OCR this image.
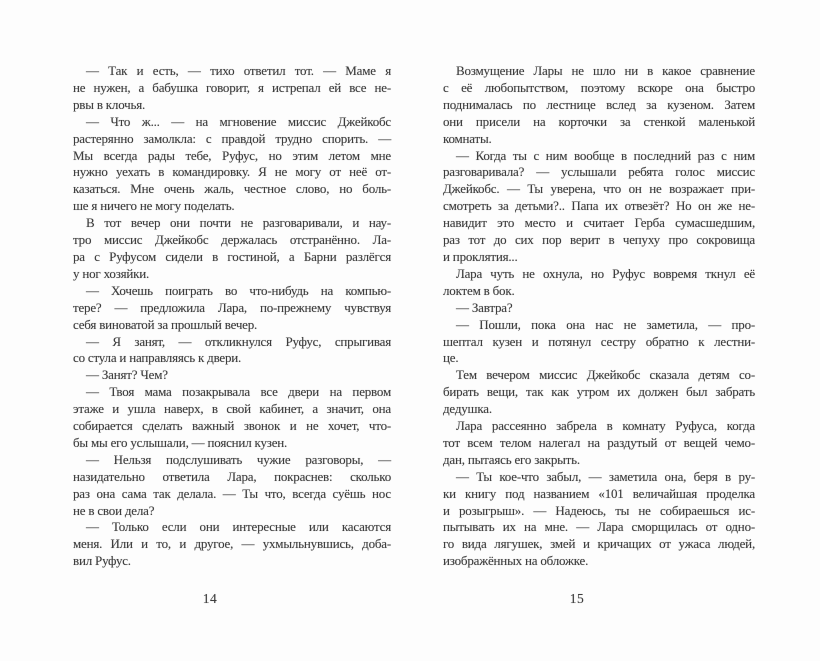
— Так и есть, — тихо ответил тот. — Маме я
не нужен, а бабушка говорит, я истрепал ей все не-
рвы в клочья.
— Что ж... — на мгновение миссис Джейкобс
растерянно замолкла: с правдой трудно спорить. —
Мы всегда рады тебе, Руфус, но этим летом мне
нужно уехать в командировку. Я не могу от неё от-
казаться. Мне очень жаль, честное слово, но боль-
ше я ничего не могу поделать.
В тот вечер они почти не разговаривали, и нау-
тро миссис Джейкобс держалась отстранённо. Ла-
ра с Руфусом сидели в гостиной, а Барни разлёгся
у ног хозяйки.
— Хочешь поиграть во что-нибудь на компью-
тере? — предложила Лара, по-прежнему чувствуя
себя виноватой за прошлый вечер.
— Я занят, — откликнулся Руфус, спрыгивая
со стула и направляясь к двери.
— Занят? Чем?
— Твоя мама позакрывала все двери на первом
этаже и ушла наверх, в свой кабинет, а значит, она
собирается сделать важный звонок и не хочет, что-
бы мы его услышали, — пояснил кузен.
— Нельзя подслушивать чужие разговоры, —
назидательно ответила Лара, покраснев: сколько
раз она сама так делала. — Ты что, всегда суёшь нос
не в свои дела?
— Только если они интересные или касаются
меня. Или и то, и другое, — ухмыльнувшись, доба-
вил Руфус.
14
Возмущение Лары не шло ни в какое сравнение
с её любопытством, поэтому вскоре она быстро
поднималась по лестнице вслед за кузеном. Затем
они присели на корточки за стенкой маленькой
комнаты.
— Когда ты с ним вообще в последний раз с ним
разговаривала? — услышали ребята голос миссис
Джейкобс. — Ты уверена, что он не возражает при-
смотреть за детьми?.. Папа их отвезёт? Но он же не-
навидит это место и считает Герба сумасшедшим,
раз тот до сих пор верит в чепуху про сокровища
и проклятия...
Лара чуть не охнула, но Руфус вовремя ткнул её
локтем в бок.
— Завтра?
— Пошли, пока она нас не заметила, — про-
шептал кузен и потянул сестру обратно к лестни-
це.
Тем вечером миссис Джейкобс сказала детям со-
бирать вещи, так как утром их должен был забрать
дедушка.
Лара рассеянно забрела в комнату Руфуса, когда
тот всем телом налегал на раздутый от вещей чемо-
дан, пытаясь его закрыть.
— Ты кое-что забыл, — заметила она, беря в ру-
ки книгу под названием «101 величайшая проделка
и розыгрыш». — Надеюсь, ты не собираешься ис-
пытывать их на мне. — Лара сморщилась от одно-
го вида лягушек, змей и кричащих от ужаса людей,
изображённых на обложке.
15
